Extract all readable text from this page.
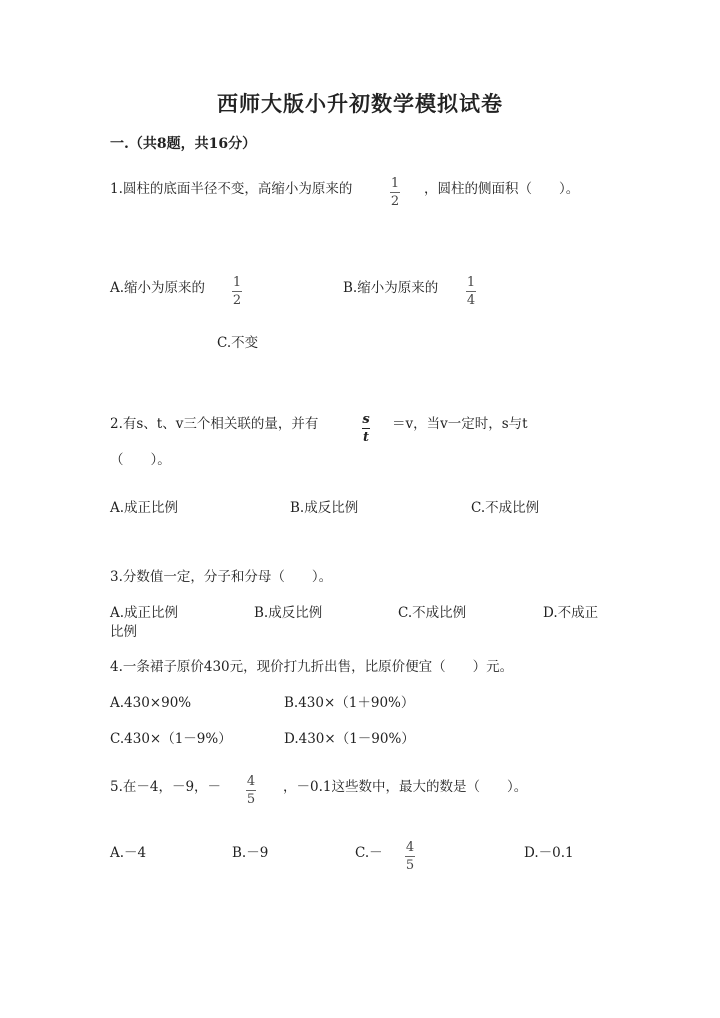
西师大版小升初数学模拟试卷
一.（共8题，共16分）
1.圆柱的底面半径不变，高缩小为原来的	1
2
，圆柱的侧面积（　　）。
A.缩小为原来的 1
2
B.缩小为原来的 1
4
C.不变
2.有s、t、v三个相关联的量，并有	s
t
＝v，当v一定时，s与t
（　　）。
A.成正比例	B.成反比例	C.不成比例
3.分数值一定，分子和分母（　　）。
A.成正比例	B.成反比例	C.不成比例	D.不成正
比例
4.一条裙子原价430元，现价打九折出售，比原价便宜（　　）元。
A.430×90%	B.430×（1＋90%）
C.430×（1－9%）	D.430×（1－90%）
5.在－4，－9，－ 4
5
，－0.1这些数中，最大的数是（　　）。
A.－4	B.－9	C.－ 4
5
D.－0.1
